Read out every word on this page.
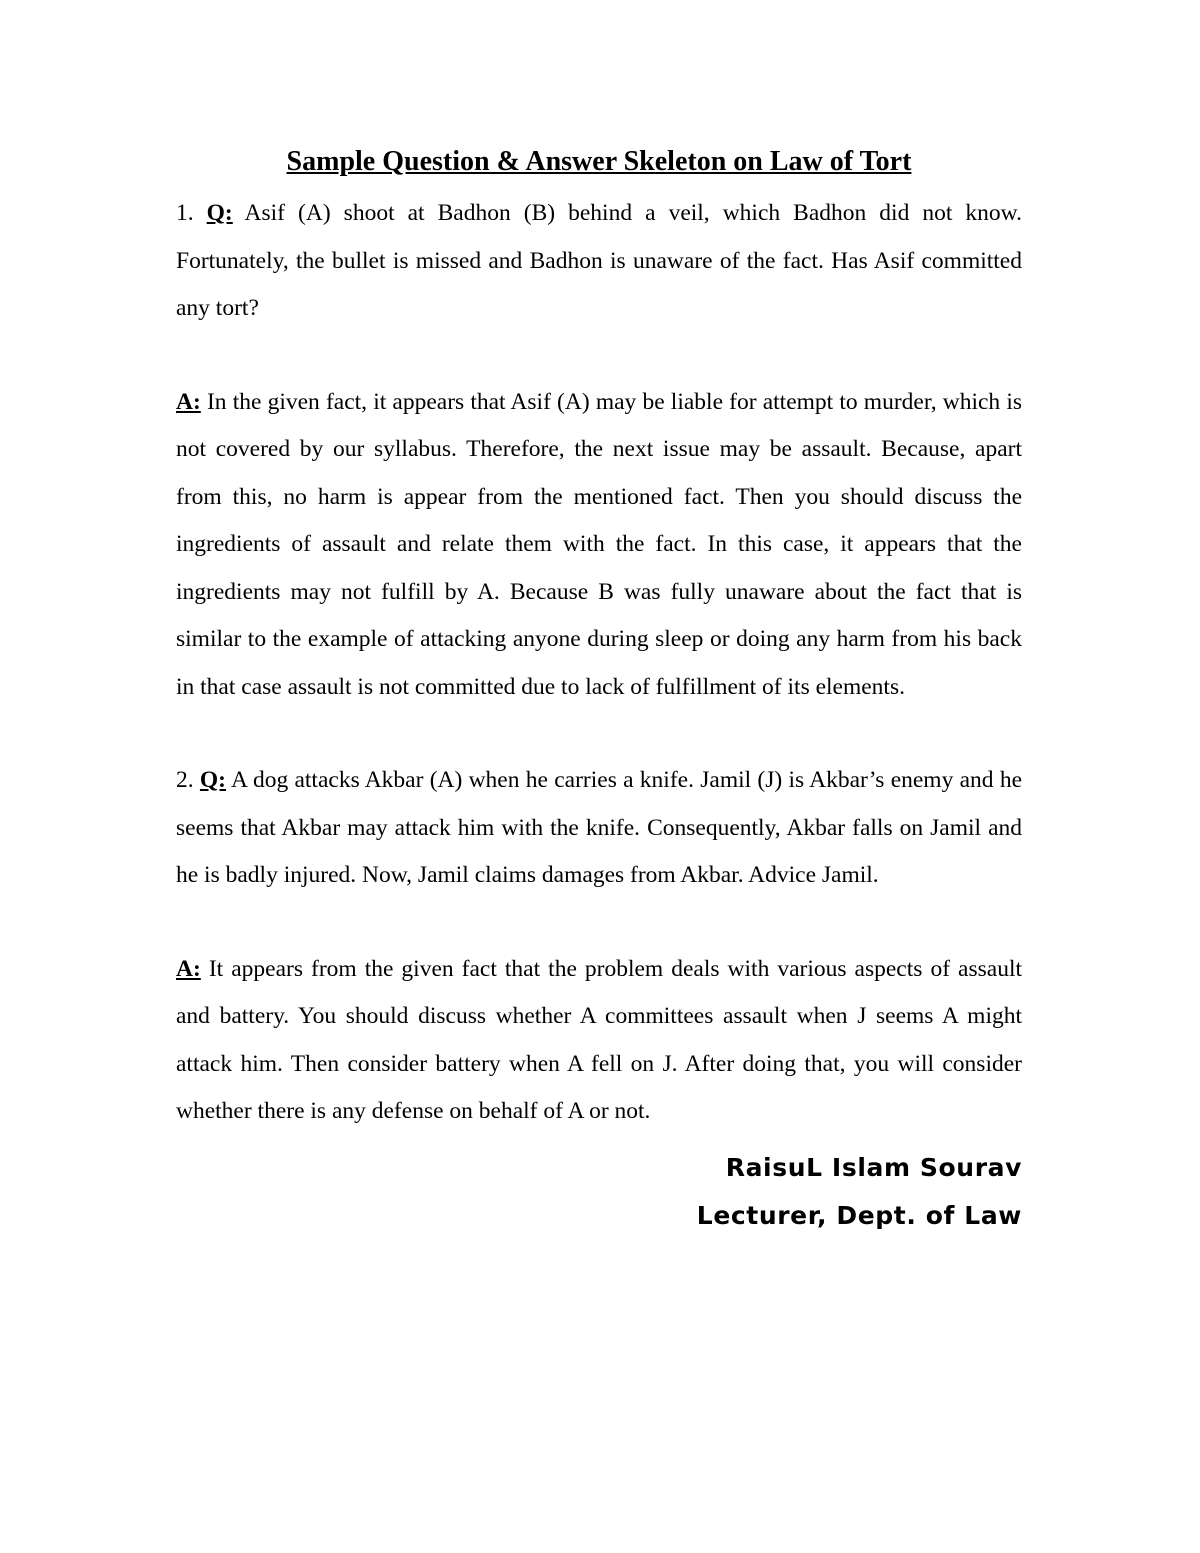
Sample Question & Answer Skeleton on Law of Tort

1. Q: Asif (A) shoot at Badhon (B) behind a veil, which Badhon did not know. Fortunately, the bullet is missed and Badhon is unaware of the fact. Has Asif committed any tort?

A: In the given fact, it appears that Asif (A) may be liable for attempt to murder, which is not covered by our syllabus. Therefore, the next issue may be assault. Because, apart from this, no harm is appear from the mentioned fact. Then you should discuss the ingredients of assault and relate them with the fact. In this case, it appears that the ingredients may not fulfill by A. Because B was fully unaware about the fact that is similar to the example of attacking anyone during sleep or doing any harm from his back in that case assault is not committed due to lack of fulfillment of its elements.

2. Q: A dog attacks Akbar (A) when he carries a knife. Jamil (J) is Akbar’s enemy and he seems that Akbar may attack him with the knife. Consequently, Akbar falls on Jamil and he is badly injured. Now, Jamil claims damages from Akbar. Advice Jamil.

A: It appears from the given fact that the problem deals with various aspects of assault and battery. You should discuss whether A committees assault when J seems A might attack him. Then consider battery when A fell on J. After doing that, you will consider whether there is any defense on behalf of A or not.

RaisuL Islam Sourav
Lecturer, Dept. of Law
